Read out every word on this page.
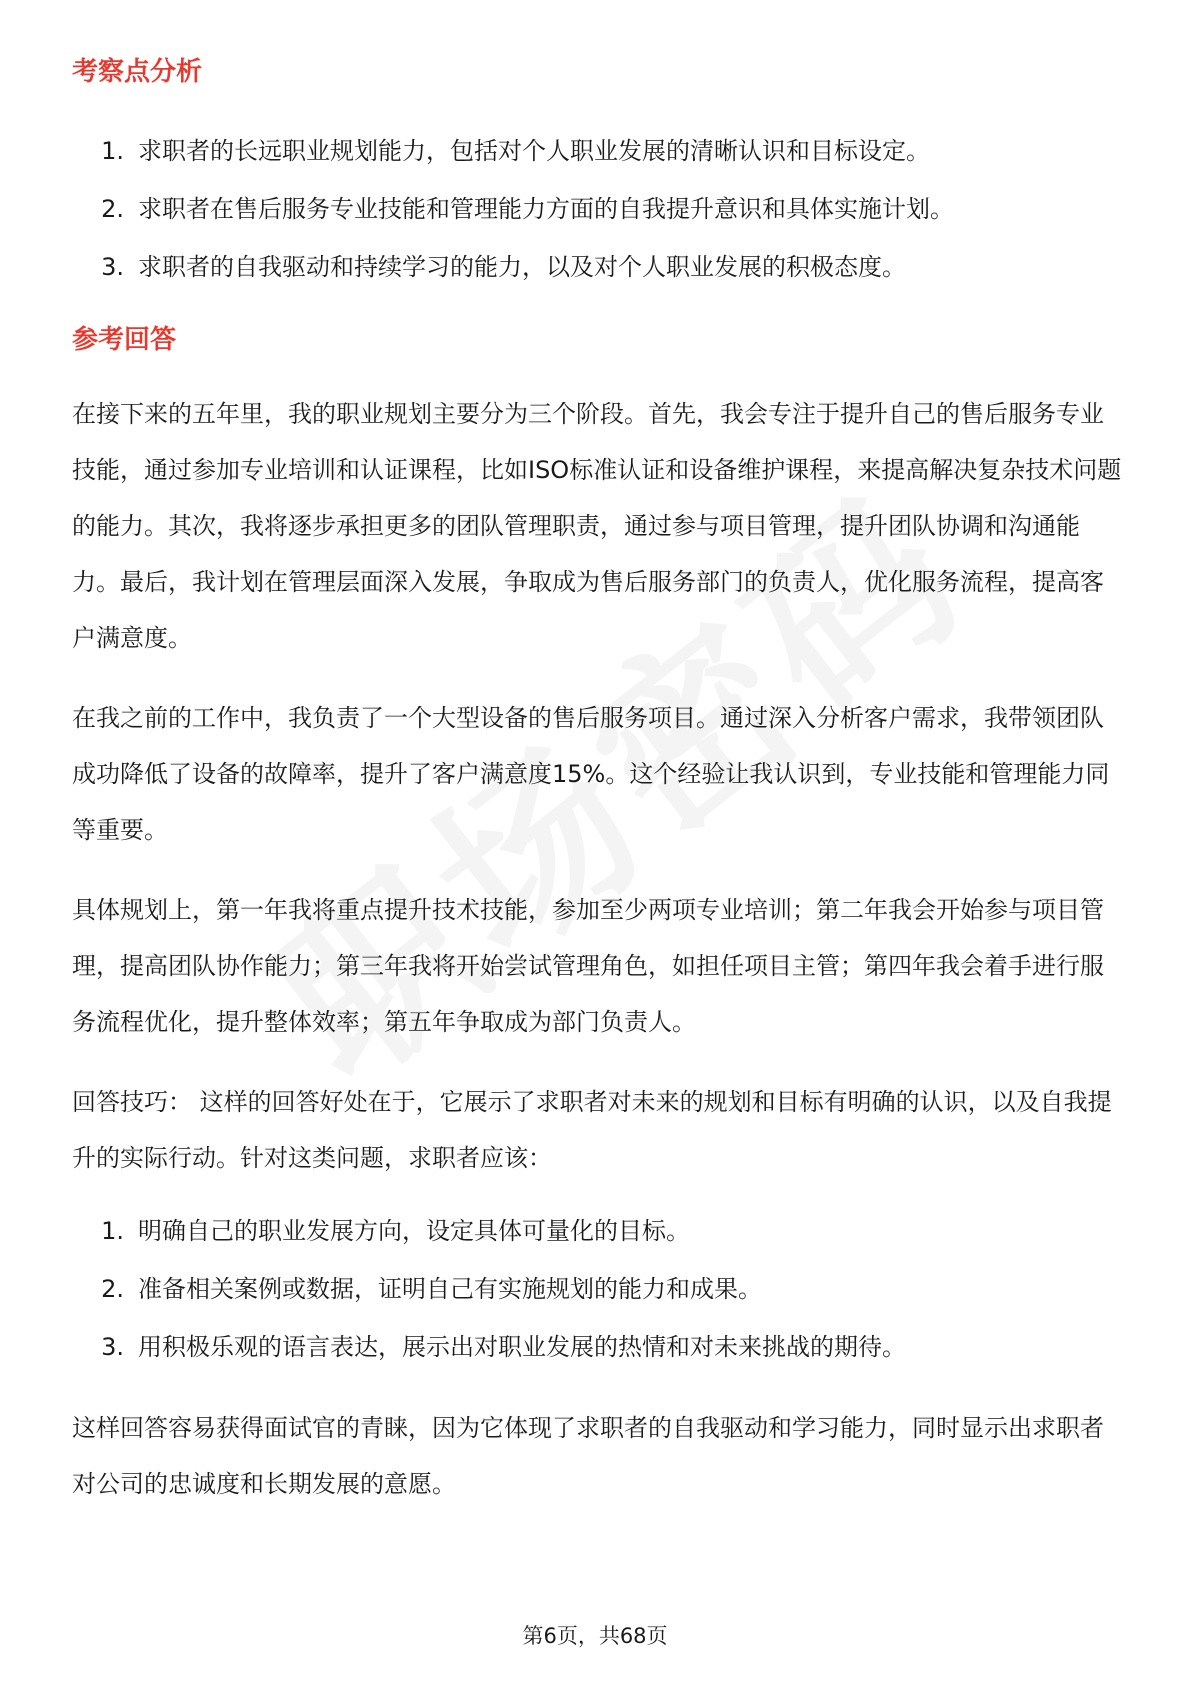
考察点分析
1. 求职者的长远职业规划能力，包括对个人职业发展的清晰认识和目标设定。
2. 求职者在售后服务专业技能和管理能力方面的自我提升意识和具体实施计划。
3. 求职者的自我驱动和持续学习的能力，以及对个人职业发展的积极态度。
参考回答

在接下来的五年里，我的职业规划主要分为三个阶段。首先，我会专注于提升自己的售后服务专业技能，通过参加专业培训和认证课程，比如ISO标准认证和设备维护课程，来提高解决复杂技术问题的能力。其次，我将逐步承担更多的团队管理职责，通过参与项目管理，提升团队协调和沟通能力。最后，我计划在管理层面深入发展，争取成为售后服务部门的负责人，优化服务流程，提高客户满意度。

在我之前的工作中，我负责了一个大型设备的售后服务项目。通过深入分析客户需求，我带领团队成功降低了设备的故障率，提升了客户满意度15%。这个经验让我认识到，专业技能和管理能力同等重要。

具体规划上，第一年我将重点提升技术技能，参加至少两项专业培训；第二年我会开始参与项目管理，提高团队协作能力；第三年我将开始尝试管理角色，如担任项目主管；第四年我会着手进行服务流程优化，提升整体效率；第五年争取成为部门负责人。

回答技巧： 这样的回答好处在于，它展示了求职者对未来的规划和目标有明确的认识，以及自我提升的实际行动。针对这类问题，求职者应该：

1. 明确自己的职业发展方向，设定具体可量化的目标。
2. 准备相关案例或数据，证明自己有实施规划的能力和成果。
3. 用积极乐观的语言表达，展示出对职业发展的热情和对未来挑战的期待。

这样回答容易获得面试官的青睐，因为它体现了求职者的自我驱动和学习能力，同时显示出求职者对公司的忠诚度和长期发展的意愿。

第6页，共68页
